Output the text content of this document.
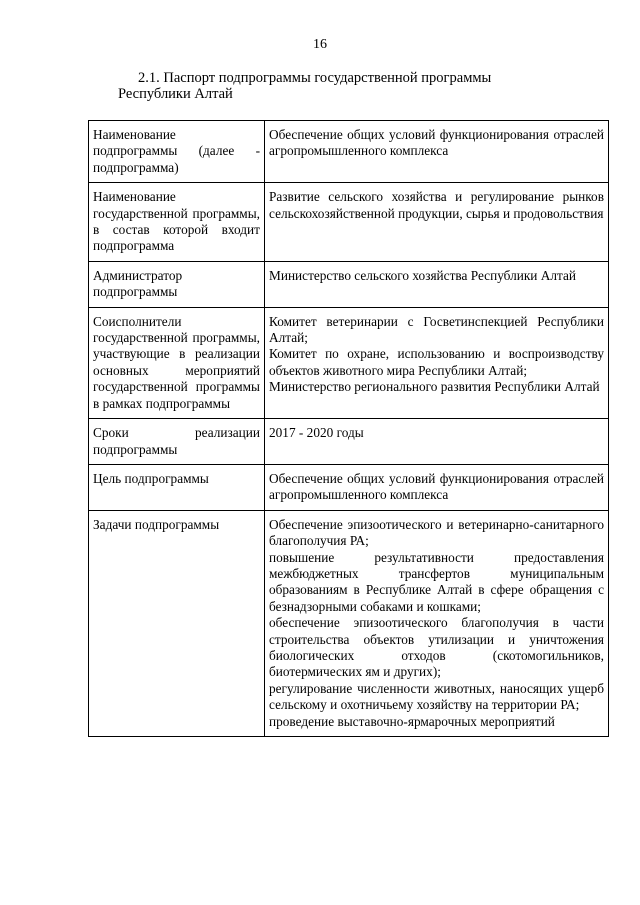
16
2.1. Паспорт подпрограммы государственной программы
Республики Алтай
Наименование подпрограммы (далее - подпрограмма)	Обеспечение общих условий функционирования отраслей агропромышленного комплекса

Наименование государственной программы, в состав которой входит подпрограмма	Развитие сельского хозяйства и регулирование рынков сельскохозяйственной продукции, сырья и продовольствия

Администратор подпрограммы	Министерство сельского хозяйства Республики Алтай

Соисполнители государственной программы, участвующие в реализации основных мероприятий государственной программы в рамках подпрограммы	Комитет ветеринарии с Госветинспекцией Республики Алтай;
Комитет по охране, использованию и воспроизводству объектов животного мира Республики Алтай;
Министерство регионального развития Республики Алтай

Сроки реализации подпрограммы	2017 - 2020 годы

Цель подпрограммы	Обеспечение общих условий функционирования отраслей агропромышленного комплекса

Задачи подпрограммы	Обеспечение эпизоотического и ветеринарно-санитарного благополучия РА;
повышение результативности предоставления межбюджетных трансфертов муниципальным образованиям в Республике Алтай в сфере обращения с безнадзорными собаками и кошками;
обеспечение эпизоотического благополучия в части строительства объектов утилизации и уничтожения биологических отходов (скотомогильников, биотермических ям и других);
регулирование численности животных, наносящих ущерб сельскому и охотничьему хозяйству на территории РА;
проведение выставочно-ярмарочных мероприятий
